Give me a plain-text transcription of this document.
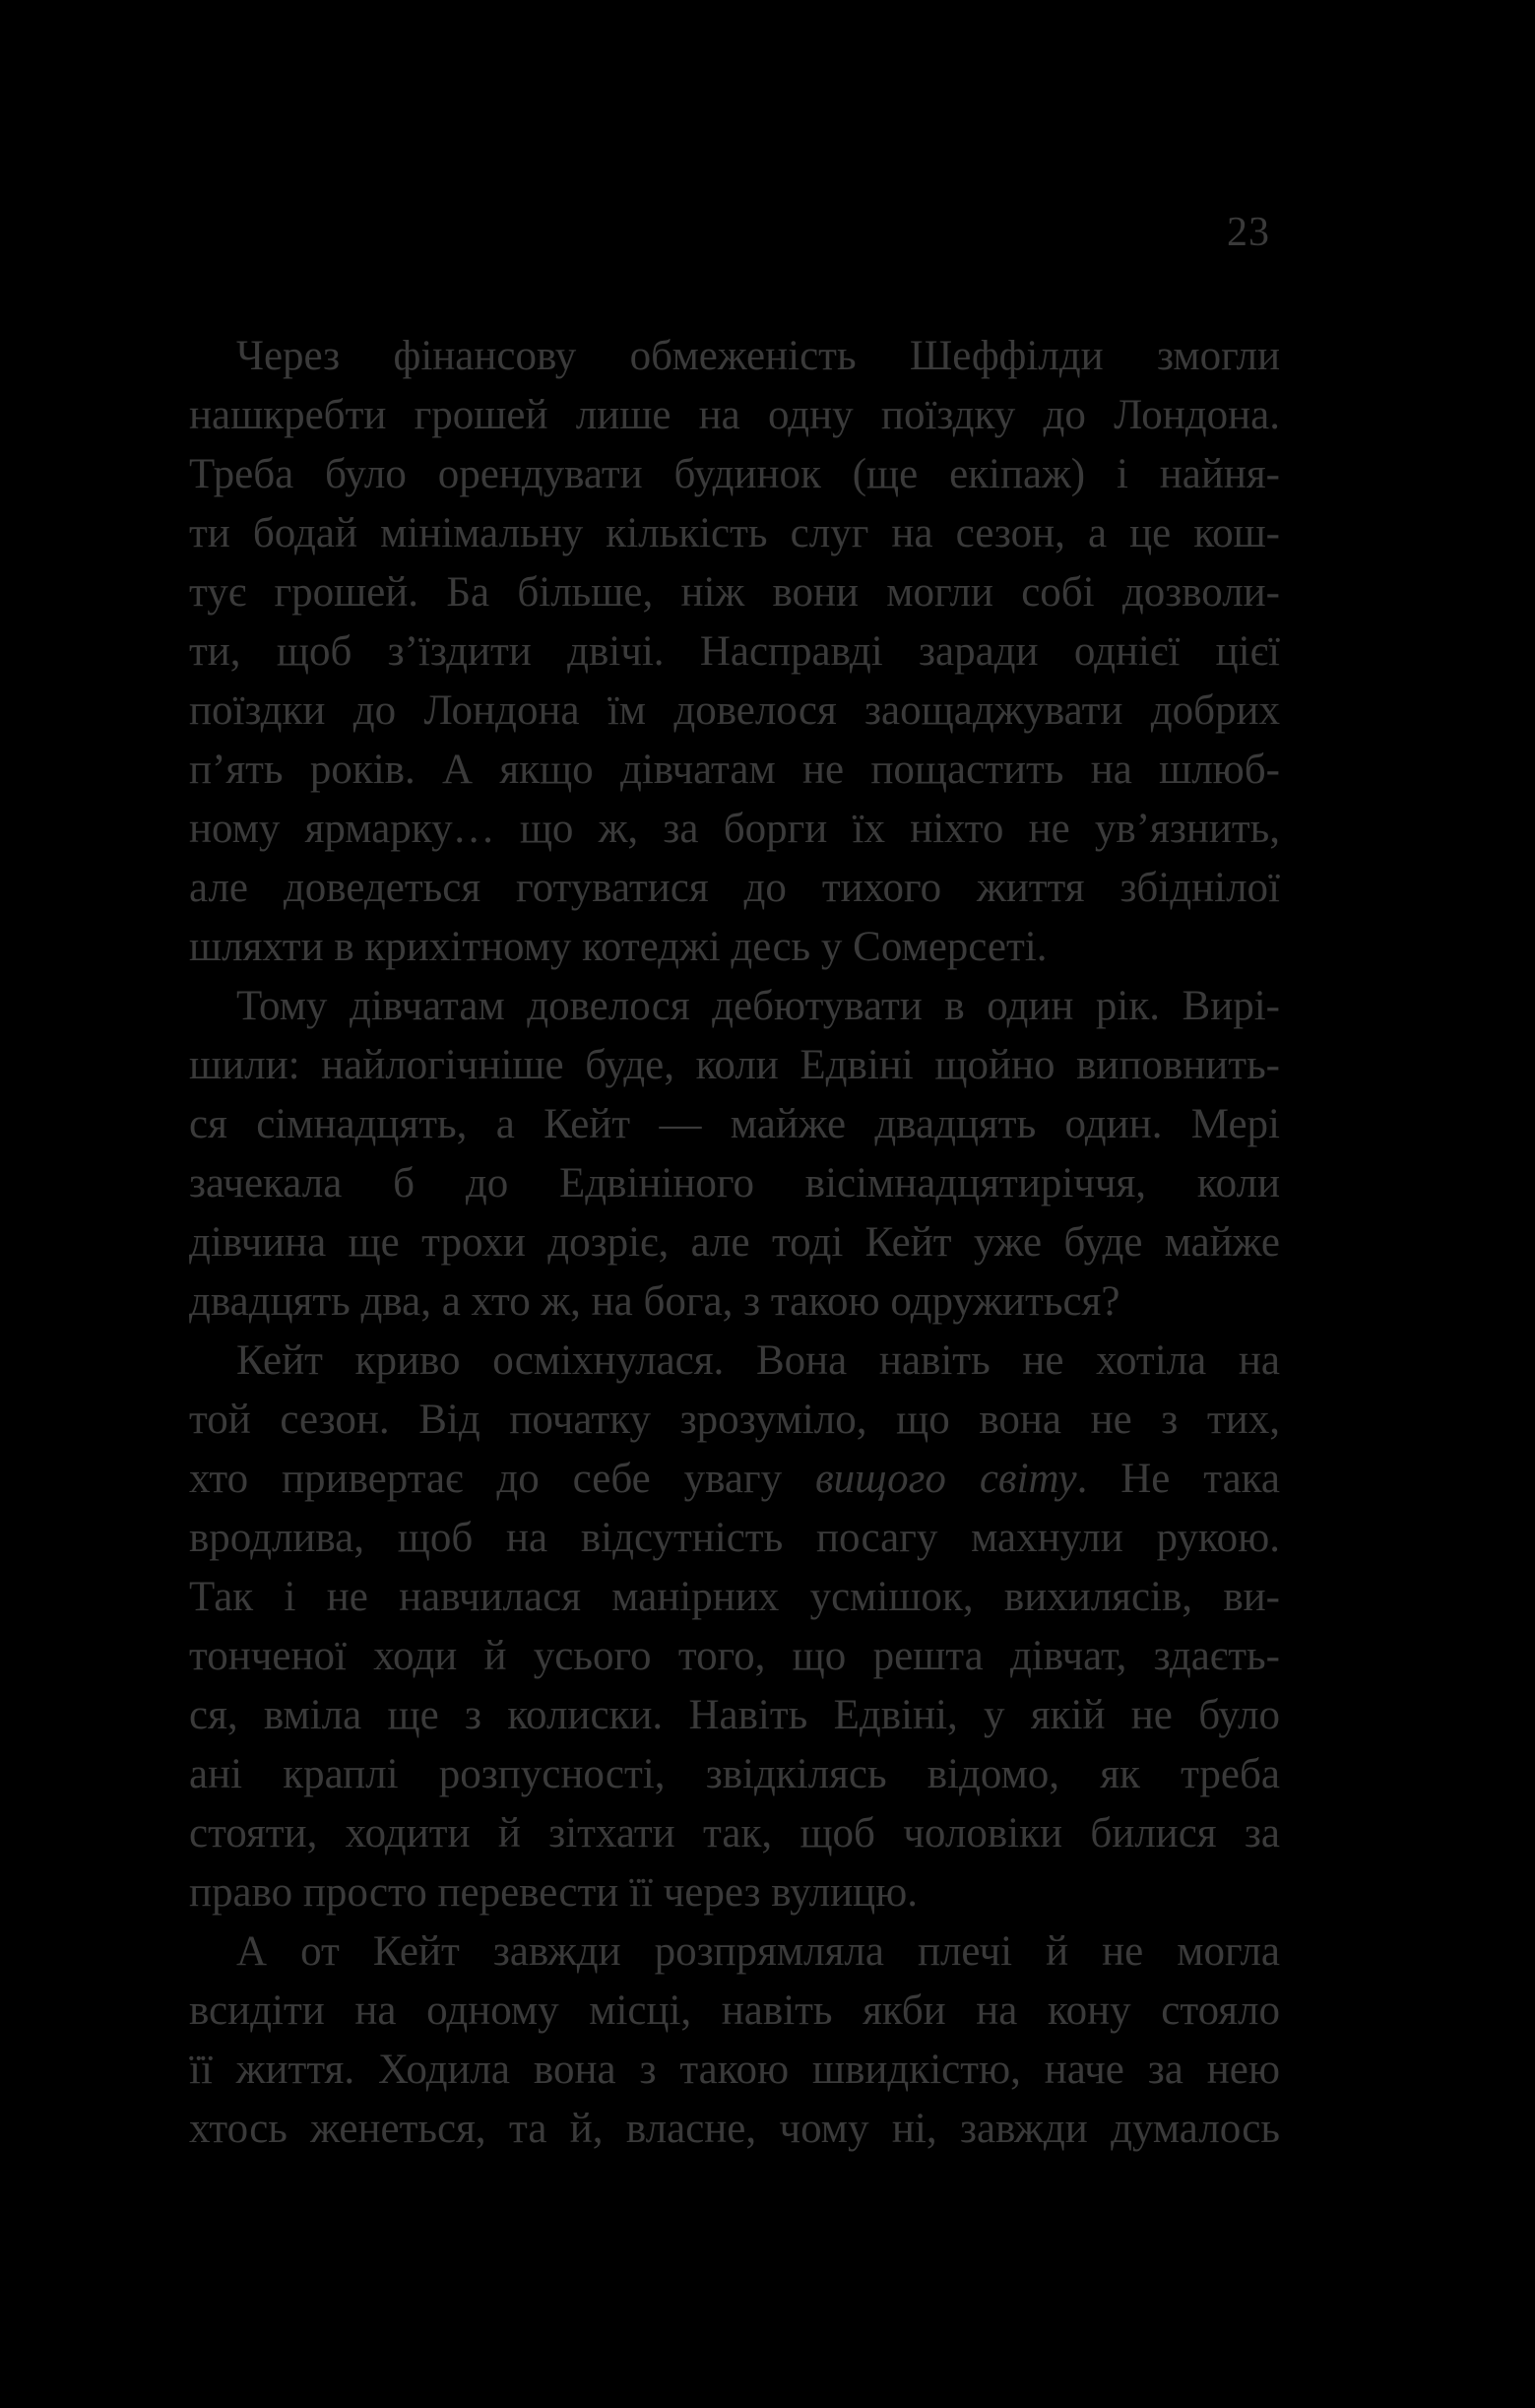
23
Через фінансову обмеженість Шеффілди змогли
нашкребти грошей лише на одну поїздку до Лондона.
Треба було орендувати будинок (ще екіпаж) і найня-
ти бодай мінімальну кількість слуг на сезон, а це кош-
тує грошей. Ба більше, ніж вони могли собі дозволи-
ти, щоб з’їздити двічі. Насправді заради однієї цієї
поїздки до Лондона їм довелося заощаджувати добрих
п’ять років. А якщо дівчатам не пощастить на шлюб-
ному ярмарку… що ж, за борги їх ніхто не ув’язнить,
але доведеться готуватися до тихого життя збіднілої
шляхти в крихітному котеджі десь у Сомерсеті.
Тому дівчатам довелося дебютувати в один рік. Вирі-
шили: найлогічніше буде, коли Едвіні щойно виповнить-
ся сімнадцять, а Кейт — майже двадцять один. Мері
зачекала б до Едвініного вісімнадцятиріччя, коли
дівчина ще трохи дозріє, але тоді Кейт уже буде майже
двадцять два, а хто ж, на бога, з такою одружиться?
Кейт криво осміхнулася. Вона навіть не хотіла на
той сезон. Від початку зрозуміло, що вона не з тих,
хто привертає до себе увагу вищого світу. Не така
вродлива, щоб на відсутність посагу махнули рукою.
Так і не навчилася манірних усмішок, вихилясів, ви-
тонченої ходи й усього того, що решта дівчат, здаєть-
ся, вміла ще з колиски. Навіть Едвіні, у якій не було
ані краплі розпусності, звідкілясь відомо, як треба
стояти, ходити й зітхати так, щоб чоловіки билися за
право просто перевести її через вулицю.
А от Кейт завжди розпрямляла плечі й не могла
всидіти на одному місці, навіть якби на кону стояло
її життя. Ходила вона з такою швидкістю, наче за нею
хтось женеться, та й, власне, чому ні, завжди думалось
